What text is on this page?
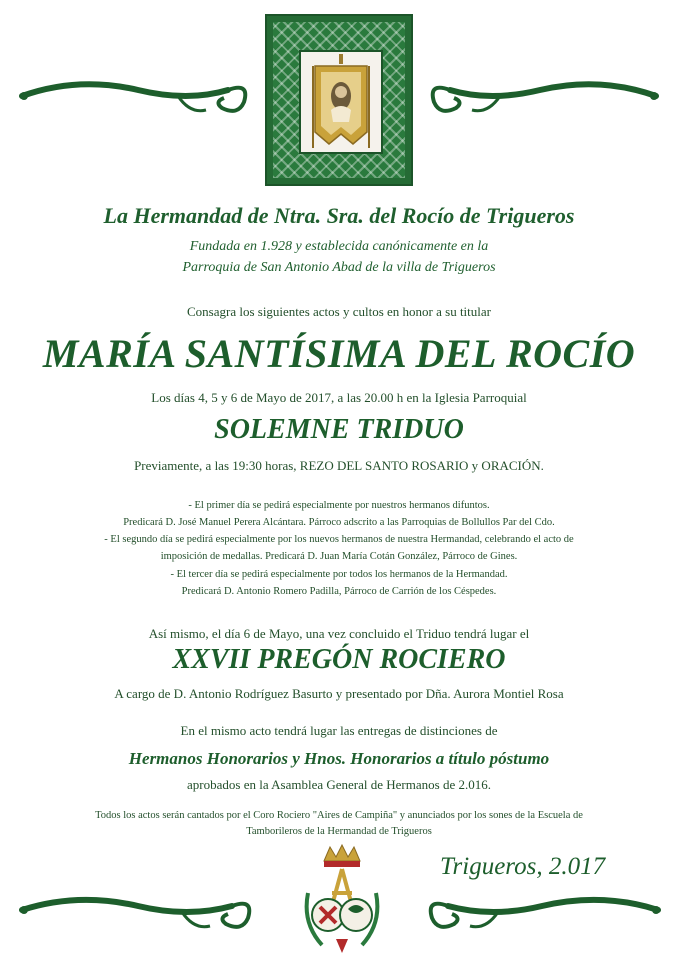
La Hermandad de Ntra. Sra. del Rocío de Trigueros
Fundada en 1.928 y establecida canónicamente en la
Parroquia de San Antonio Abad de la villa de Trigueros
Consagra los siguientes actos y cultos en honor a su titular
MARÍA SANTÍSIMA DEL ROCÍO
Los días 4, 5 y 6 de Mayo de 2017, a las 20.00 h en la Iglesia Parroquial
SOLEMNE TRIDUO
Previamente, a las 19:30 horas, REZO DEL SANTO ROSARIO y ORACIÓN.
- El primer día se pedirá especialmente por nuestros hermanos difuntos.
Predicará D. José Manuel Perera Alcántara. Párroco adscrito a las Parroquias de Bollullos Par del Cdo.
- El segundo día se pedirá especialmente por los nuevos hermanos de nuestra Hermandad, celebrando el acto de
imposición de medallas. Predicará D. Juan María Cotán González, Párroco de Gines.
- El tercer día se pedirá especialmente por todos los hermanos de la Hermandad.
Predicará D. Antonio Romero Padilla, Párroco de Carrión de los Céspedes.
Así mismo, el día 6 de Mayo, una vez concluido el Triduo tendrá lugar el
XXVII PREGÓN ROCIERO
A cargo de D. Antonio Rodríguez Basurto y presentado por Dña. Aurora Montiel Rosa
En el mismo acto tendrá lugar las entregas de distinciones de
Hermanos Honorarios y Hnos. Honorarios a título póstumo
aprobados en la Asamblea General de Hermanos de 2.016.
Todos los actos serán cantados por el Coro Rociero "Aires de Campiña" y anunciados por los sones de la Escuela de
Tamborileros de la Hermandad de Trigueros
Trigueros, 2.017
